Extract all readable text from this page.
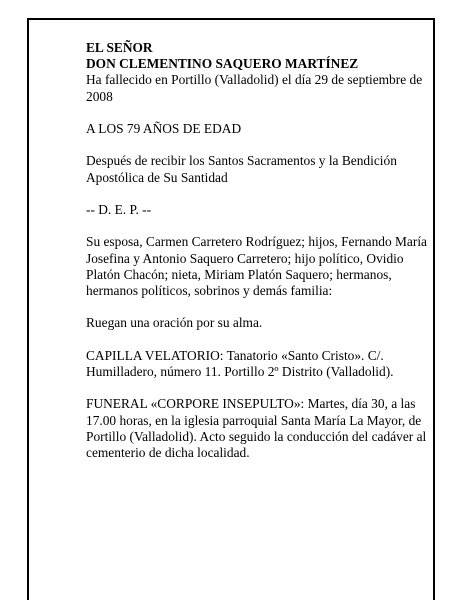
EL SEÑOR
DON CLEMENTINO SAQUERO MARTÍNEZ

Ha fallecido en Portillo (Valladolid) el día 29 de septiembre de 2008

A LOS 79 AÑOS DE EDAD

Después de recibir los Santos Sacramentos y la Bendición Apostólica de Su Santidad

-- D. E. P. --

Su esposa, Carmen Carretero Rodríguez; hijos, Fernando María Josefina y Antonio Saquero Carretero; hijo político, Ovidio Platón Chacón; nieta, Miriam Platón Saquero; hermanos, hermanos políticos, sobrinos y demás familia:

Ruegan una oración por su alma.

CAPILLA VELATORIO: Tanatorio «Santo Cristo». C/. Humilladero, número 11. Portillo 2º Distrito (Valladolid).

FUNERAL «CORPORE INSEPULTO»: Martes, día 30, a las 17.00 horas, en la iglesia parroquial Santa María La Mayor, de Portillo (Valladolid). Acto seguido la conducción del cadáver al cementerio de dicha localidad.
